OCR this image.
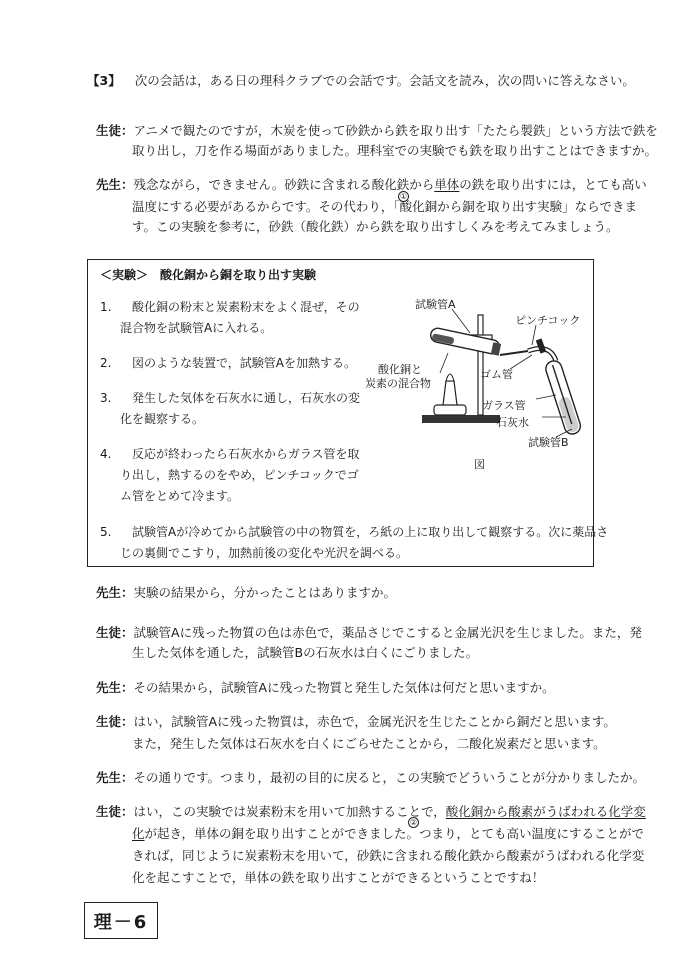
【3】 次の会話は，ある日の理科クラブでの会話です。会話文を読み，次の問いに答えなさい。
生徒：アニメで観たのですが，木炭を使って砂鉄から鉄を取り出す「たたら製鉄」という方法で鉄を
取り出し，刀を作る場面がありました。理科室での実験でも鉄を取り出すことはできますか。
先生：残念ながら，できません。砂鉄に含まれる酸化鉄から単体の鉄を取り出すには，とても高い
①
温度にする必要があるからです。その代わり，「酸化銅から銅を取り出す実験」ならできま
す。この実験を参考に，砂鉄（酸化鉄）から鉄を取り出すしくみを考えてみましょう。
＜実験＞　酸化銅から銅を取り出す実験
1. 酸化銅の粉末と炭素粉末をよく混ぜ，その
混合物を試験管Aに入れる。
2. 図のような装置で，試験管Aを加熱する。
3. 発生した気体を石灰水に通し，石灰水の変
化を観察する。
4. 反応が終わったら石灰水からガラス管を取
り出し，熱するのをやめ，ピンチコックでゴ
ム管をとめて冷ます。
5. 試験管Aが冷めてから試験管の中の物質を，ろ紙の上に取り出して観察する。次に薬品さ
じの裏側でこすり，加熱前後の変化や光沢を調べる。
試験管A
ピンチコック
酸化銅と
炭素の混合物
ゴム管
ガラス管
石灰水
試験管B
図
先生：実験の結果から，分かったことはありますか。
生徒：試験管Aに残った物質の色は赤色で，薬品さじでこすると金属光沢を生じました。また，発
生した気体を通した，試験管Bの石灰水は白くにごりました。
先生：その結果から，試験管Aに残った物質と発生した気体は何だと思いますか。
生徒：はい，試験管Aに残った物質は，赤色で，金属光沢を生じたことから銅だと思います。
また，発生した気体は石灰水を白くにごらせたことから，二酸化炭素だと思います。
先生：その通りです。つまり，最初の目的に戻ると，この実験でどういうことが分かりましたか。
生徒：はい，この実験では炭素粉末を用いて加熱することで，酸化銅から酸素がうばわれる化学変
②
化が起き，単体の銅を取り出すことができました。つまり，とても高い温度にすることがで
きれば，同じように炭素粉末を用いて，砂鉄に含まれる酸化鉄から酸素がうばわれる化学変
化を起こすことで，単体の鉄を取り出すことができるということですね！
理－6
